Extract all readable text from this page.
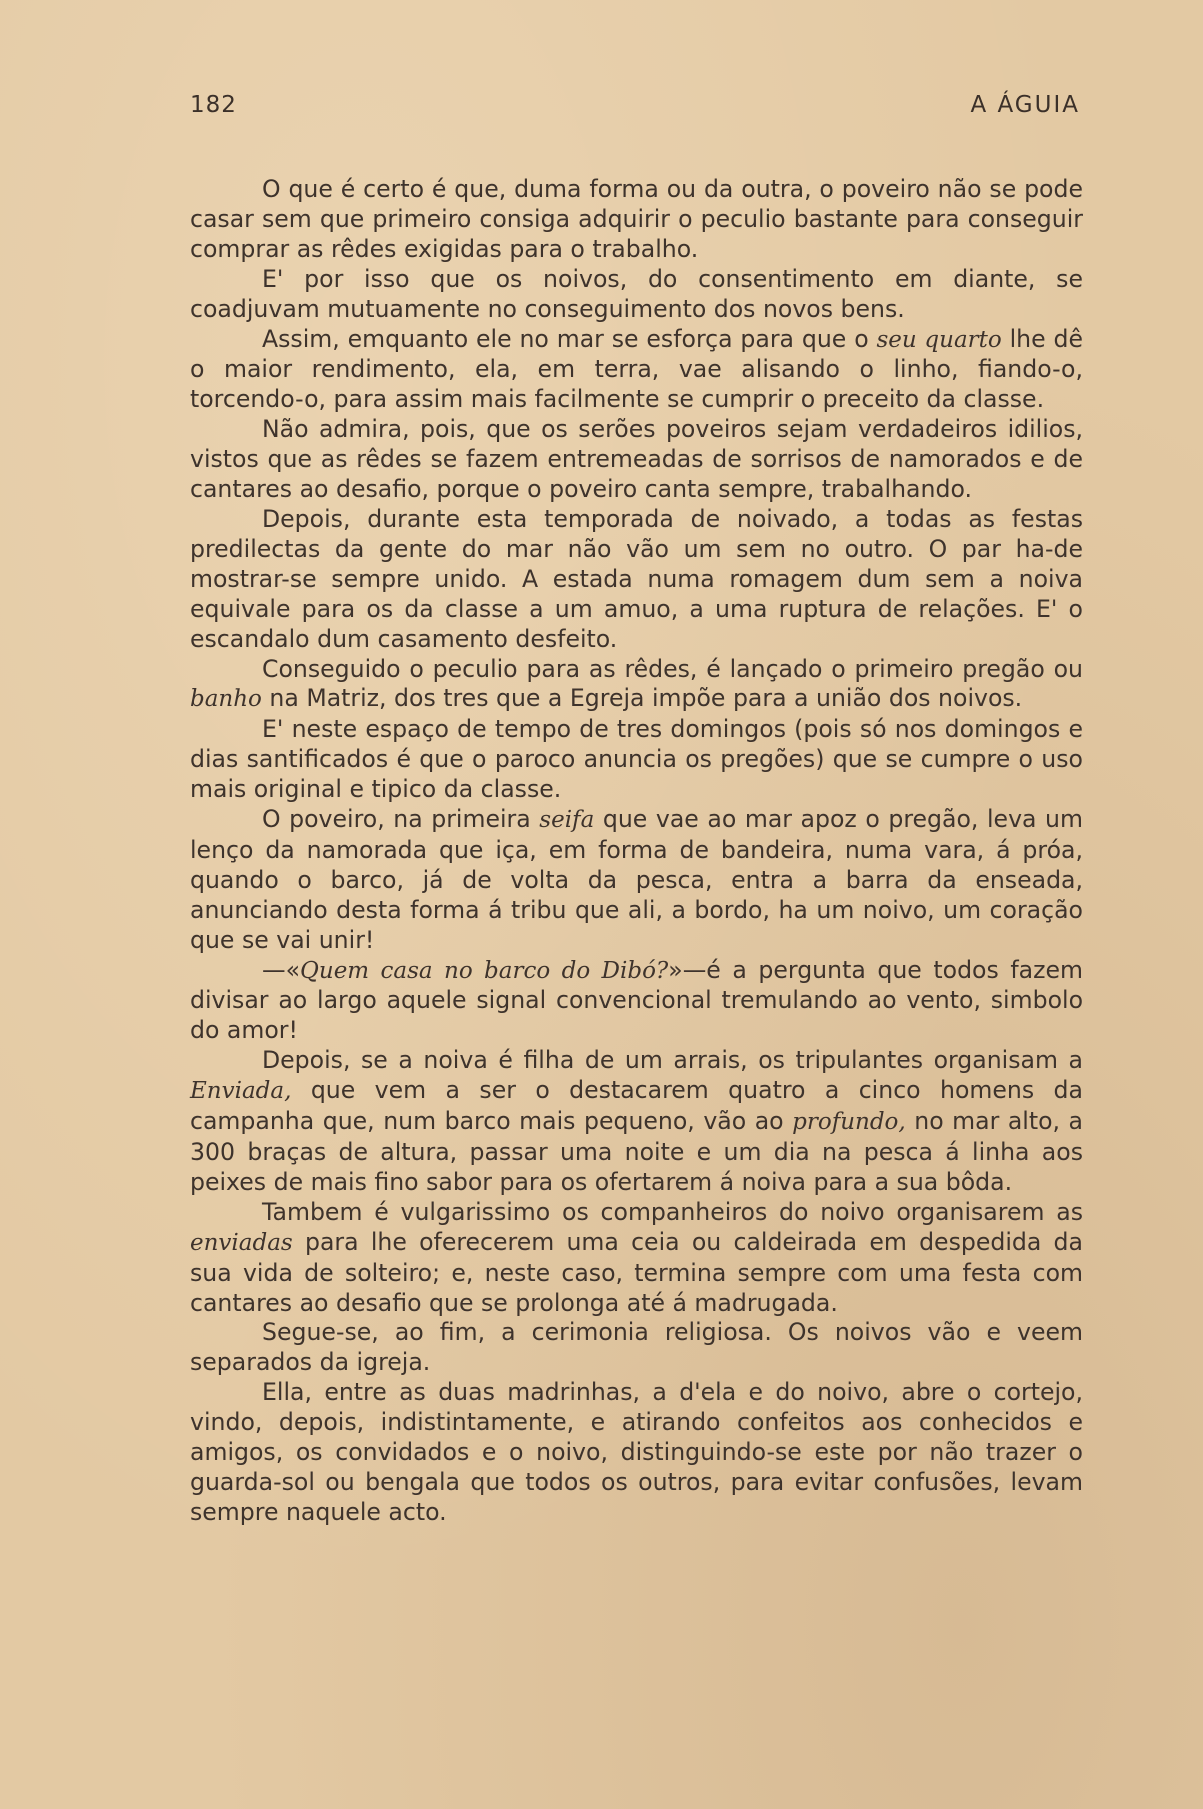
182	A ÁGUIA

O que é certo é que, duma forma ou da outra, o poveiro não se pode casar sem que primeiro consiga adquirir o peculio bastante para conseguir comprar as rêdes exigidas para o trabalho.

E' por isso que os noivos, do consentimento em diante, se coadjuvam mutuamente no conseguimento dos novos bens.

Assim, emquanto ele no mar se esforça para que o seu quarto lhe dê o maior rendimento, ela, em terra, vae alisando o linho, fiando-o, torcendo-o, para assim mais facilmente se cumprir o preceito da classe.

Não admira, pois, que os serões poveiros sejam verdadeiros idilios, vistos que as rêdes se fazem entremeadas de sorrisos de namorados e de cantares ao desafio, porque o poveiro canta sempre, trabalhando.

Depois, durante esta temporada de noivado, a todas as festas predilectas da gente do mar não vão um sem no outro. O par ha-de mostrar-se sempre unido. A estada numa romagem dum sem a noiva equivale para os da classe a um amuo, a uma ruptura de relações. E' o escandalo dum casamento desfeito.

Conseguido o peculio para as rêdes, é lançado o primeiro pregão ou banho na Matriz, dos tres que a Egreja impõe para a união dos noivos.

E' neste espaço de tempo de tres domingos (pois só nos domingos e dias santificados é que o paroco anuncia os pregões) que se cumpre o uso mais original e tipico da classe.

O poveiro, na primeira seifa que vae ao mar apoz o pregão, leva um lenço da namorada que iça, em forma de bandeira, numa vara, á próa, quando o barco, já de volta da pesca, entra a barra da enseada, anunciando desta forma á tribu que ali, a bordo, ha um noivo, um coração que se vai unir!

—«Quem casa no barco do Dibó?»—é a pergunta que todos fazem divisar ao largo aquele signal convencional tremulando ao vento, simbolo do amor!

Depois, se a noiva é filha de um arrais, os tripulantes organisam a Enviada, que vem a ser o destacarem quatro a cinco homens da campanha que, num barco mais pequeno, vão ao profundo, no mar alto, a 300 braças de altura, passar uma noite e um dia na pesca á linha aos peixes de mais fino sabor para os ofertarem á noiva para a sua bôda.

Tambem é vulgarissimo os companheiros do noivo organisarem as enviadas para lhe oferecerem uma ceia ou caldeirada em despedida da sua vida de solteiro; e, neste caso, termina sempre com uma festa com cantares ao desafio que se prolonga até á madrugada.

Segue-se, ao fim, a cerimonia religiosa. Os noivos vão e veem separados da igreja.

Ella, entre as duas madrinhas, a d'ela e do noivo, abre o cortejo, vindo, depois, indistintamente, e atirando confeitos aos conhecidos e amigos, os convidados e o noivo, distinguindo-se este por não trazer o guarda-sol ou bengala que todos os outros, para evitar confusões, levam sempre naquele acto.
